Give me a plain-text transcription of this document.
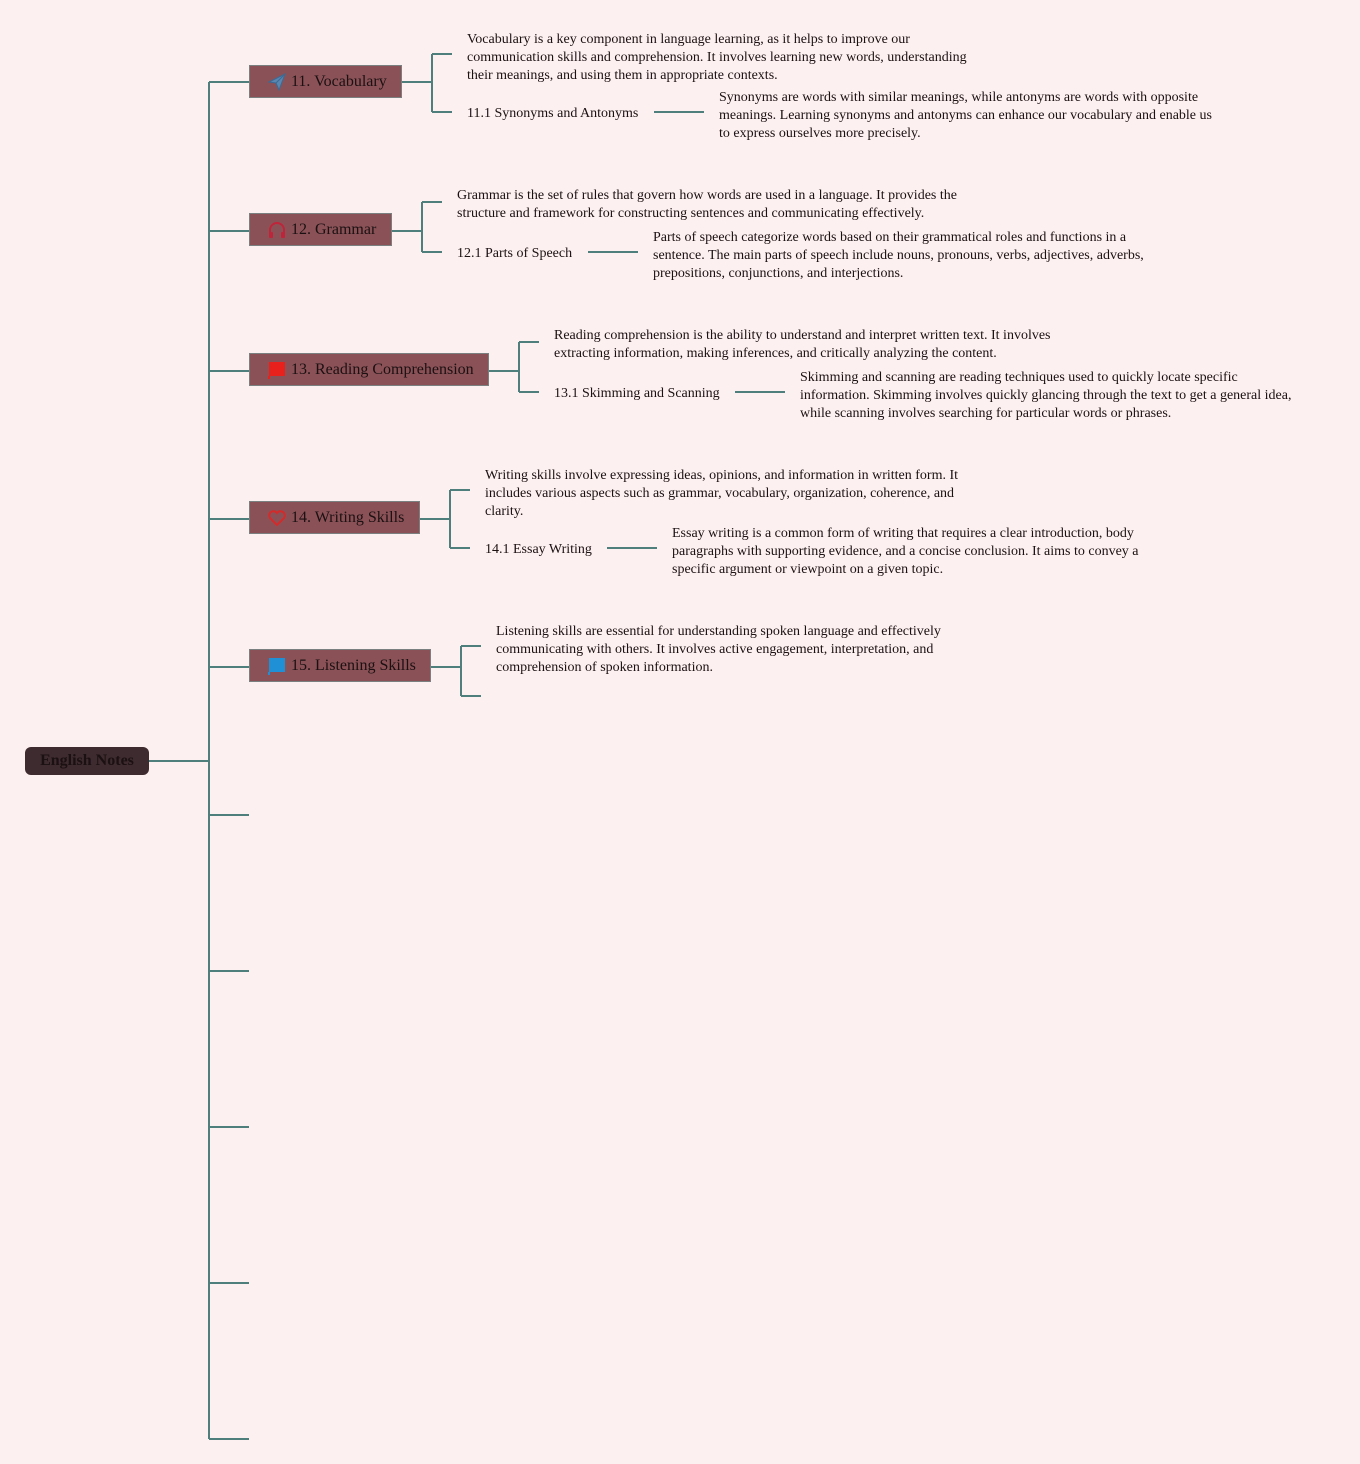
English Notes
11. Vocabulary
Vocabulary is a key component in language learning, as it helps to improve our communication skills and comprehension. It involves learning new words, understanding their meanings, and using them in appropriate contexts.
11.1 Synonyms and Antonyms
Synonyms are words with similar meanings, while antonyms are words with opposite meanings. Learning synonyms and antonyms can enhance our vocabulary and enable us to express ourselves more precisely.
12. Grammar
Grammar is the set of rules that govern how words are used in a language. It provides the structure and framework for constructing sentences and communicating effectively.
12.1 Parts of Speech
Parts of speech categorize words based on their grammatical roles and functions in a sentence. The main parts of speech include nouns, pronouns, verbs, adjectives, adverbs, prepositions, conjunctions, and interjections.
13. Reading Comprehension
Reading comprehension is the ability to understand and interpret written text. It involves extracting information, making inferences, and critically analyzing the content.
13.1 Skimming and Scanning
Skimming and scanning are reading techniques used to quickly locate specific information. Skimming involves quickly glancing through the text to get a general idea, while scanning involves searching for particular words or phrases.
14. Writing Skills
Writing skills involve expressing ideas, opinions, and information in written form. It includes various aspects such as grammar, vocabulary, organization, coherence, and clarity.
14.1 Essay Writing
Essay writing is a common form of writing that requires a clear introduction, body paragraphs with supporting evidence, and a concise conclusion. It aims to convey a specific argument or viewpoint on a given topic.
15. Listening Skills
Listening skills are essential for understanding spoken language and effectively communicating with others. It involves active engagement, interpretation, and comprehension of spoken information.
